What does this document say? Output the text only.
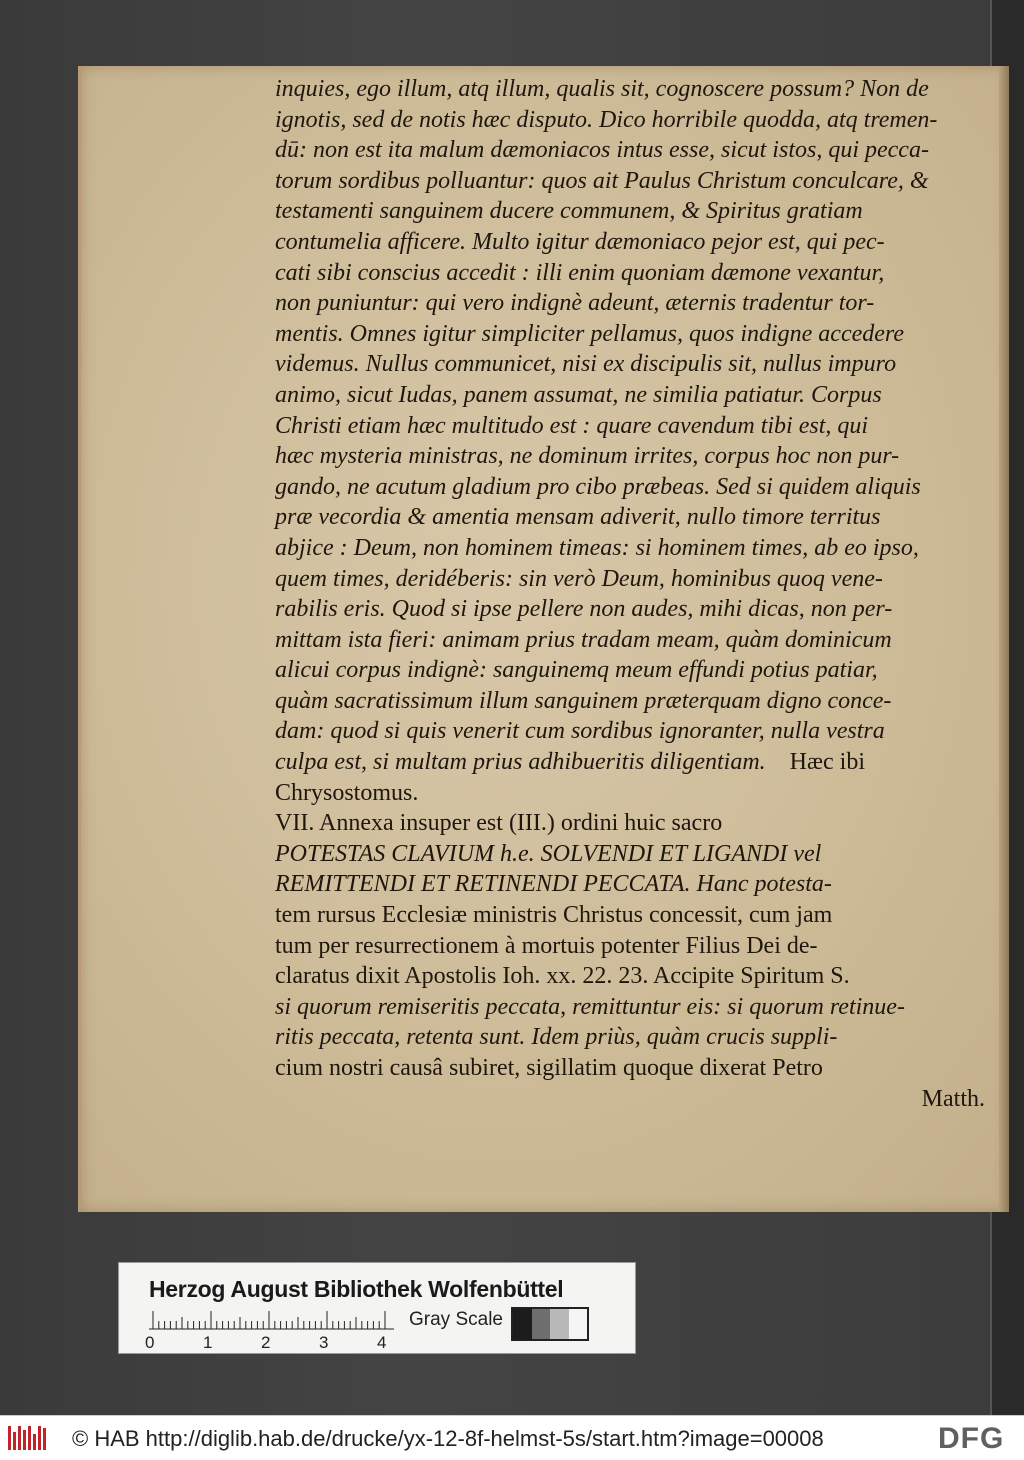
inquies, ego illum, atq illum, qualis sit, cognoscere possum? Non de
ignotis, sed de notis hæc disputo. Dico horribile quodda, atq tremen-
dū: non est ita malum dæmoniacos intus esse, sicut istos, qui pecca-
torum sordibus polluantur: quos ait Paulus Christum conculcare, &
testamenti sanguinem ducere communem, & Spiritus gratiam
contumelia afficere. Multo igitur dæmoniaco pejor est, qui pec-
cati sibi conscius accedit : illi enim quoniam dæmone vexantur,
non puniuntur: qui vero indignè adeunt, æternis tradentur tor-
mentis. Omnes igitur simpliciter pellamus, quos indigne accedere
videmus. Nullus communicet, nisi ex discipulis sit, nullus impuro
animo, sicut Iudas, panem assumat, ne similia patiatur. Corpus
Christi etiam hæc multitudo est : quare cavendum tibi est, qui
hæc mysteria ministras, ne dominum irrites, corpus hoc non pur-
gando, ne acutum gladium pro cibo præbeas. Sed si quidem aliquis
præ vecordia & amentia mensam adiverit, nullo timore territus
abjice : Deum, non hominem timeas: si hominem times, ab eo ipso,
quem times, deridéberis: sin verò Deum, hominibus quoq vene-
rabilis eris. Quod si ipse pellere non audes, mihi dicas, non per-
mittam ista fieri: animam prius tradam meam, quàm dominicum
alicui corpus indignè: sanguinemq meum effundi potius patiar,
quàm sacratissimum illum sanguinem præterquam digno conce-
dam: quod si quis venerit cum sordibus ignoranter, nulla vestra
culpa est, si multam prius adhibueritis diligentiam. Hæc ibi
Chrysostomus.
VII. Annexa insuper est (III.) ordini huic sacro
POTESTAS CLAVIUM h.e. SOLVENDI ET LIGANDI vel
REMITTENDI ET RETINENDI PECCATA. Hanc potesta-
tem rursus Ecclesiæ ministris Christus concessit, cum jam
tum per resurrectionem à mortuis potenter Filius Dei de-
claratus dixit Apostolis Ioh. xx. 22. 23. Accipite Spiritum S.
si quorum remiseritis peccata, remittuntur eis: si quorum retinue-
ritis peccata, retenta sunt. Idem priùs, quàm crucis suppli-
cium nostri causâ subiret, sigillatim quoque dixerat Petro
Matth.
Herzog August Bibliothek Wolfenbüttel
0	1	2	3	4
Gray Scale
© HAB http://diglib.hab.de/drucke/yx-12-8f-helmst-5s/start.htm?image=00008	DFG
